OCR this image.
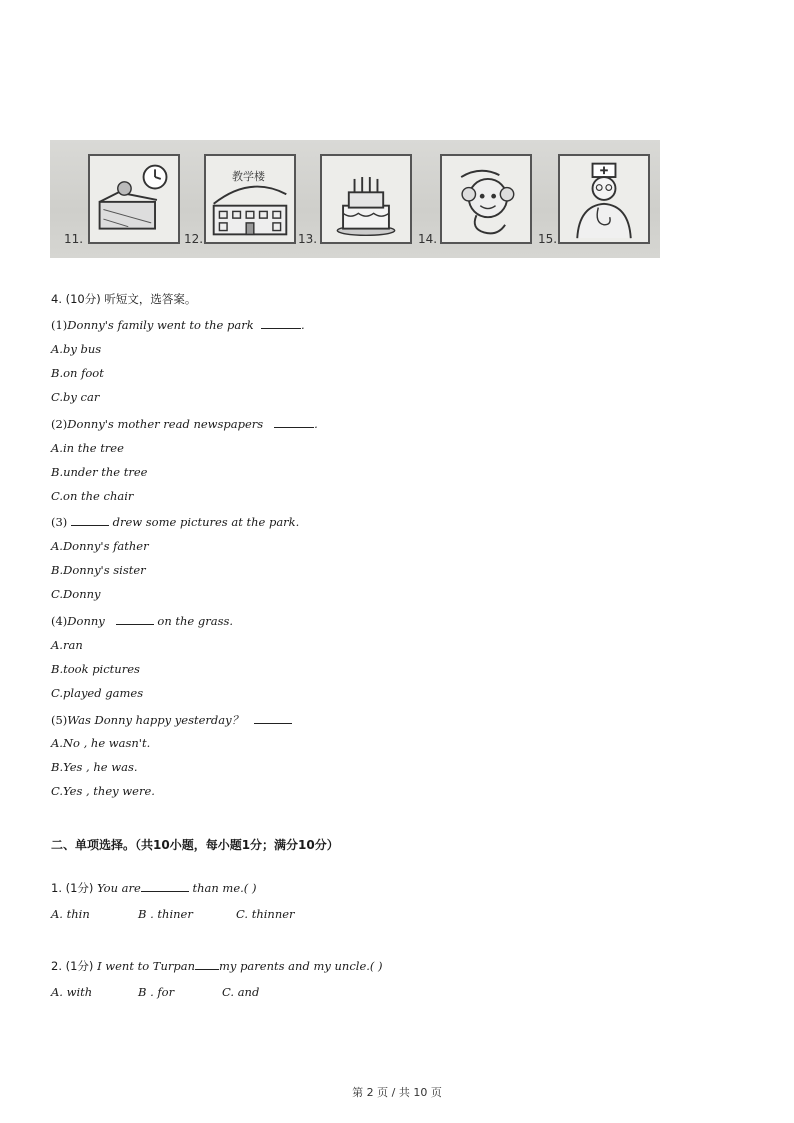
11.
教学楼
12.	13.	14.	15.
4. (10分) 听短文，选答案。
(1)Donny's family went to the park	.
A.by bus
B.on foot
C.by car
(2)Donny's mother read newspapers	.
A.in the tree
B.under the tree
C.on the chair
(3)	drew some pictures at the park.
A.Donny's father
B.Donny's sister
C.Donny
(4)Donny	on the grass.
A.ran
B.took pictures
C.played games
(5)Was Donny happy yesterday？
A.No , he wasn't.
B.Yes , he was.
C.Yes , they were.
二、单项选择。（共10小题，每小题1分；满分10分）
1. (1分) You are	than me.( )
A. thin	B . thiner	C. thinner
2. (1分) I went to Turpan my parents and my uncle.( )
A. with	B . for	C. and
第 2 页 / 共 10 页
